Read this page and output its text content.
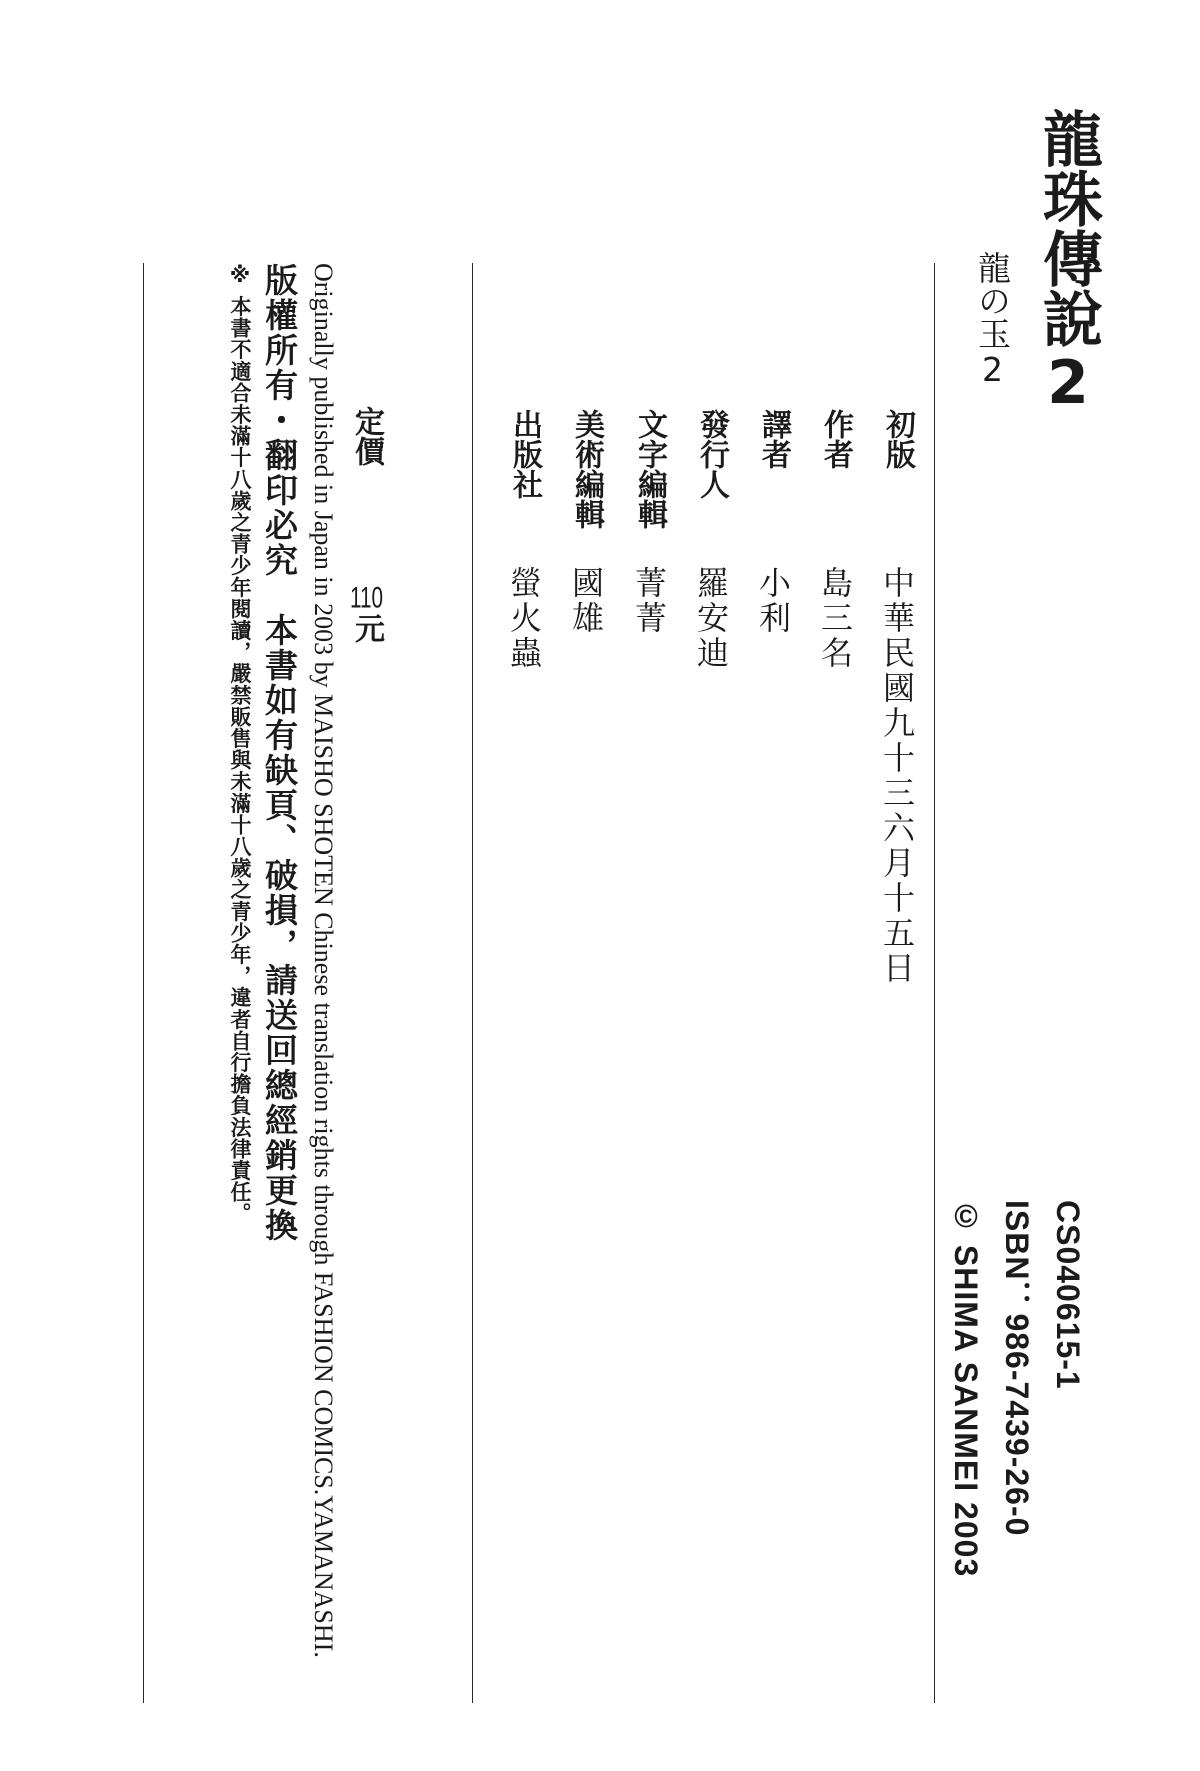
龍珠傳說2
龍の玉2
CS040615-1
ISBN：986-7439-26-0
© SHIMA SANMEI 2003
初版
中華民國九十三六月十五日
作者
島三名
譯者
小利
發行人
羅安迪
文字編輯
菁菁
美術編輯
國雄
出版社
螢火蟲
定價
110元
Originally published in Japan in 2003 by MAISHO SHOTEN Chinese translation rights through FASHION COMICS.YAMANASHI.
版權所有・翻印必究　本書如有缺頁、破損，請送回總經銷更換
※ 本書不適合未滿十八歲之青少年閱讀，嚴禁販售與未滿十八歲之青少年，違者自行擔負法律責任。
